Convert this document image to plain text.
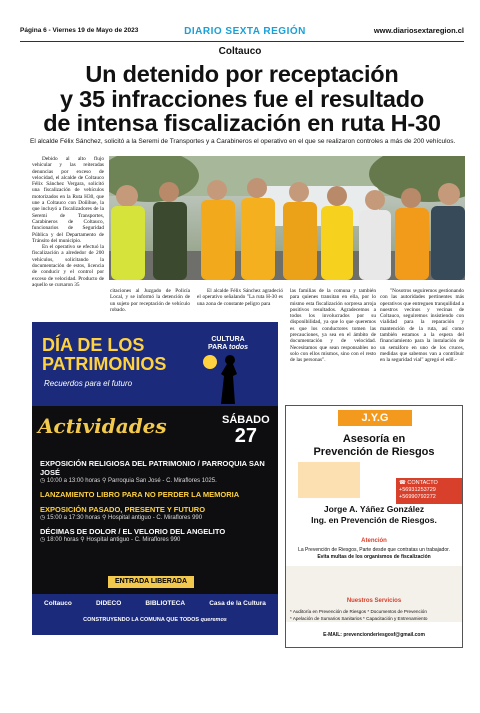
Página 6 - Viernes 19 de Mayo de 2023	DIARIO SEXTA REGIÓN	www.diariosextaregion.cl
Coltauco
Un detenido por receptación
y 35 infracciones fue el resultado
de intensa fiscalización en ruta H-30
El alcalde Félix Sánchez, solicitó a la Seremi de Transportes y a Carabineros el operativo en el que se realizaron controles a más de 200 vehículos.

Debido al alto flujo vehicular y las reiteradas denuncias por exceso de velocidad, el alcalde de Coltauco Félix Sánchez Vergara, solicitó una fiscalización de vehículos motorizados en la Ruta H30, que une a Coltauco con Doñihue, la que incluyó a fiscalizadores de la Seremi de Transportes, Carabineros de Coltauco, funcionarios de Seguridad Pública y del Departamento de Tránsito del municipio.

En el operativo se efectuó la fiscalización a alrededor de 200 vehículos, solicitando la documentación de estos, licencia de conducir y el control por exceso de velocidad. Producto de aquello se cursaron 35

citaciones al Juzgado de Policía Local, y se informó la detención de un sujeto por receptación de vehículo robado.
El alcalde Félix Sánchez agradeció el operativo señalando "La ruta H-30 es una zona de constante peligro para
las familias de la comuna y también para quienes transitan en ella, por lo mismo esta fiscalización sorpresa arroja positivos resultados. Agradecemos a todos los involucrados por su disponibilidad, ya que lo que queremos es que los conductores tomen las precauciones, ya sea en el ámbito de documentación y de velocidad. Necesitamos que sean responsables no solo con ellos mismos, sino con el resto de las personas".
"Nosotros seguiremos gestionando con las autoridades pertinentes más operativos que entreguen tranquilidad a nuestros vecinos y vecinas de Coltauco, seguiremos insistiendo con vialidad para la reparación y mantención de la ruta, así como también estamos a la espera del financiamiento para la instalación de un semáforo en uno de los cruces, medidas que sabemos van a contribuir en la seguridad vial" agregó el edil.-
DÍA DE LOS
PATRIMONIOS
Recuerdos para el futuro
CULTURA
PARA todos
Actividades	SÁBADO
27
EXPOSICIÓN RELIGIOSA DEL PATRIMONIO / PARROQUIA SAN JOSÉ
◷ 10:00 a 13:00 horas ⚲ Parroquia San José - C. Miraflores 1025.
LANZAMIENTO LIBRO PARA NO PERDER LA MEMORIA
EXPOSICIÓN PASADO, PRESENTE Y FUTURO
◷ 15:00 a 17:30 horas ⚲ Hospital antiguo - C. Miraflores 990
DÉCIMAS DE DOLOR / EL VELORIO DEL ANGELITO
◷ 18:00 horas ⚲ Hospital antiguo - C. Miraflores 990
ENTRADA LIBERADA
Coltauco	DIDECO	BIBLIOTECA	Casa de la Cultura
CONSTRUYENDO LA COMUNA QUE TODOS queremos
J.Y.G
Asesoría en
Prevención de Riesgos
☎ CONTACTO
+56931253729
+56990792272
Jorge A. Yáñez González
Ing. en Prevención de Riesgos.
Atención
La Prevención de Riesgos, Parte desde que contratas un trabajador.
Evita multas de los organismos de fiscalización
Nuestros Servicios
* Auditoría en Prevención de Riesgos * Documentos de Prevención
* Apelación de Sumarios Sanitarios * Capacitación y Entrenamiento
E-MAIL: prevencionderiesgosf@gmail.com
